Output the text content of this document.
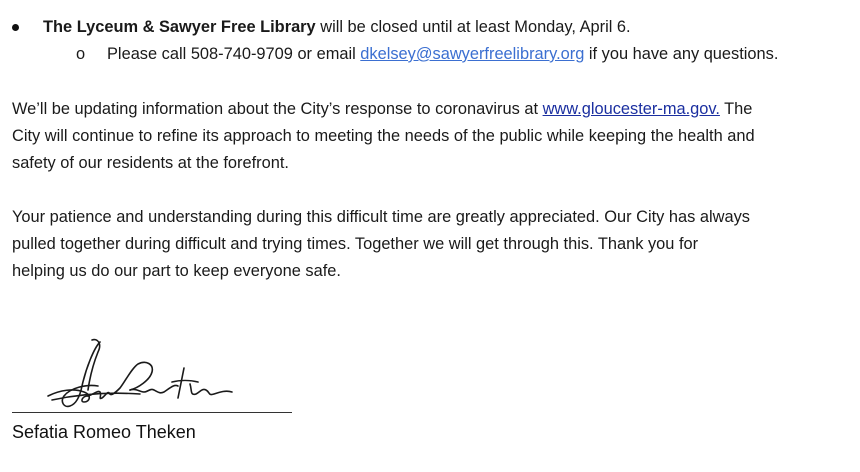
The Lyceum & Sawyer Free Library will be closed until at least Monday, April 6.
o Please call 508-740-9709 or email dkelsey@sawyerfreelibrary.org if you have any questions.
We’ll be updating information about the City’s response to coronavirus at www.gloucester-ma.gov. The
City will continue to refine its approach to meeting the needs of the public while keeping the health and
safety of our residents at the forefront.
Your patience and understanding during this difficult time are greatly appreciated. Our City has always
pulled together during difficult and trying times. Together we will get through this. Thank you for
helping us do our part to keep everyone safe.
Sefatia Romeo Theken
